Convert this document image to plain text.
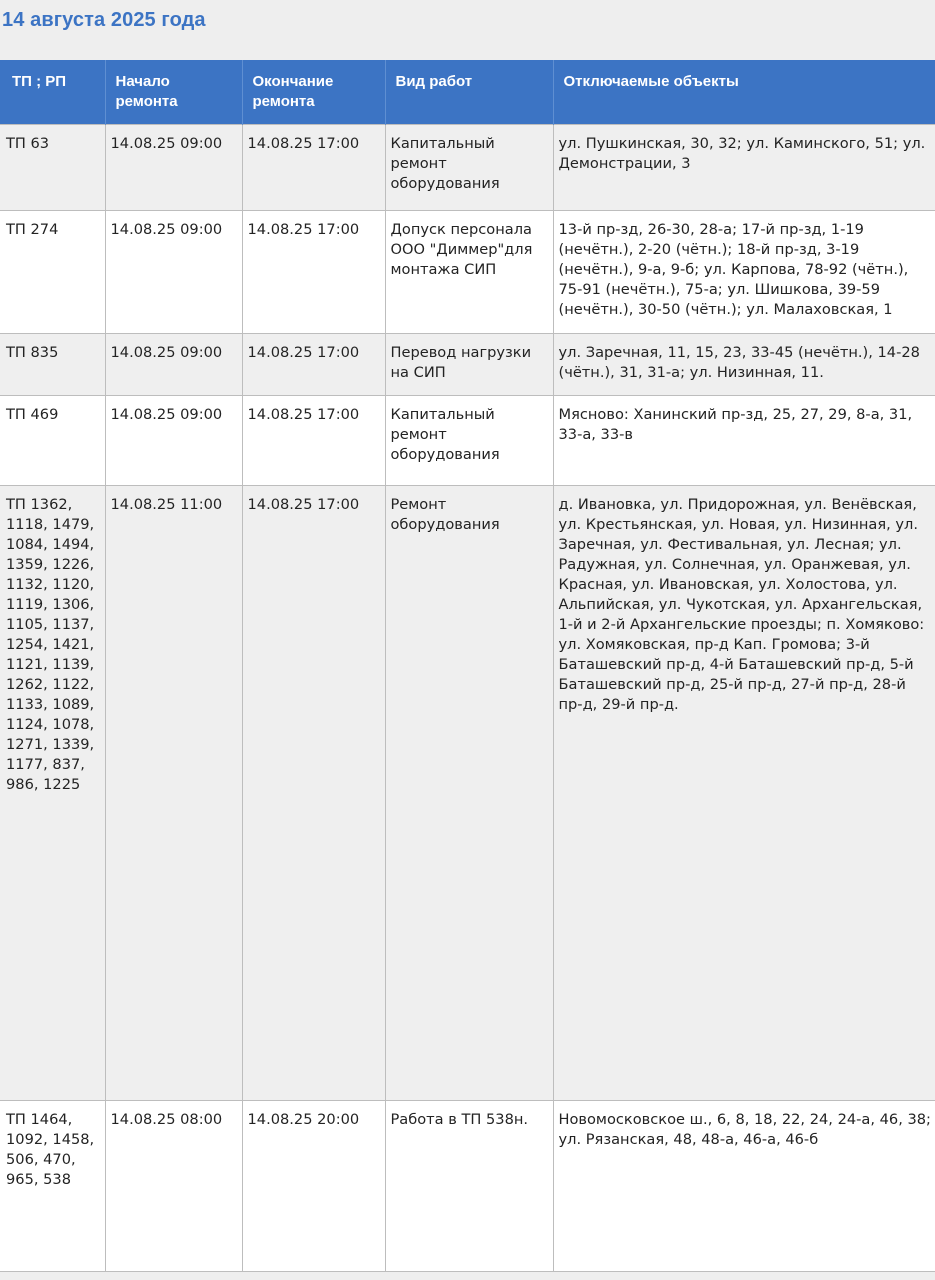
14 августа 2025 года
ТП ; РП	Начало ремонта	Окончание ремонта	Вид работ	Отключаемые объекты
ТП 63	14.08.25 09:00	14.08.25 17:00	Капитальный ремонт оборудования	ул. Пушкинская, 30, 32; ул. Каминского, 51; ул. Демонстрации, 3
ТП 274	14.08.25 09:00	14.08.25 17:00	Допуск персонала ООО "Диммер"для монтажа СИП	13-й пр-зд, 26-30, 28-а; 17-й пр-зд, 1-19 (нечётн.), 2-20 (чётн.); 18-й пр-зд, 3-19 (нечётн.), 9-а, 9-б; ул. Карпова, 78-92 (чётн.), 75-91 (нечётн.), 75-а; ул. Шишкова, 39-59 (нечётн.), 30-50 (чётн.); ул. Малаховская, 1
ТП 835	14.08.25 09:00	14.08.25 17:00	Перевод нагрузки на СИП	ул. Заречная, 11, 15, 23, 33-45 (нечётн.), 14-28 (чётн.), 31, 31-а; ул. Низинная, 11.
ТП 469	14.08.25 09:00	14.08.25 17:00	Капитальный ремонт оборудования	Мясново: Ханинский пр-зд, 25, 27, 29, 8-а, 31, 33-а, 33-в
ТП 1362, 1118, 1479, 1084, 1494, 1359, 1226, 1132, 1120, 1119, 1306, 1105, 1137, 1254, 1421, 1121, 1139, 1262, 1122, 1133, 1089, 1124, 1078, 1271, 1339, 1177, 837, 986, 1225	14.08.25 11:00	14.08.25 17:00	Ремонт оборудования	д. Ивановка, ул. Придорожная, ул. Венёвская, ул. Крестьянская, ул. Новая, ул. Низинная, ул. Заречная, ул. Фестивальная, ул. Лесная; ул. Радужная, ул. Солнечная, ул. Оранжевая, ул. Красная, ул. Ивановская, ул. Холостова, ул. Альпийская, ул. Чукотская, ул. Архангельская, 1-й и 2-й Архангельские проезды; п. Хомяково: ул. Хомяковская, пр-д Кап. Громова; 3-й Баташевский пр-д, 4-й Баташевский пр-д, 5-й Баташевский пр-д, 25-й пр-д, 27-й пр-д, 28-й пр-д, 29-й пр-д.
ТП 1464, 1092, 1458, 506, 470, 965, 538	14.08.25 08:00	14.08.25 20:00	Работа в ТП 538н.	Новомосковское ш., 6, 8, 18, 22, 24, 24-а, 46, 38; ул. Рязанская, 48, 48-а, 46-а, 46-б
